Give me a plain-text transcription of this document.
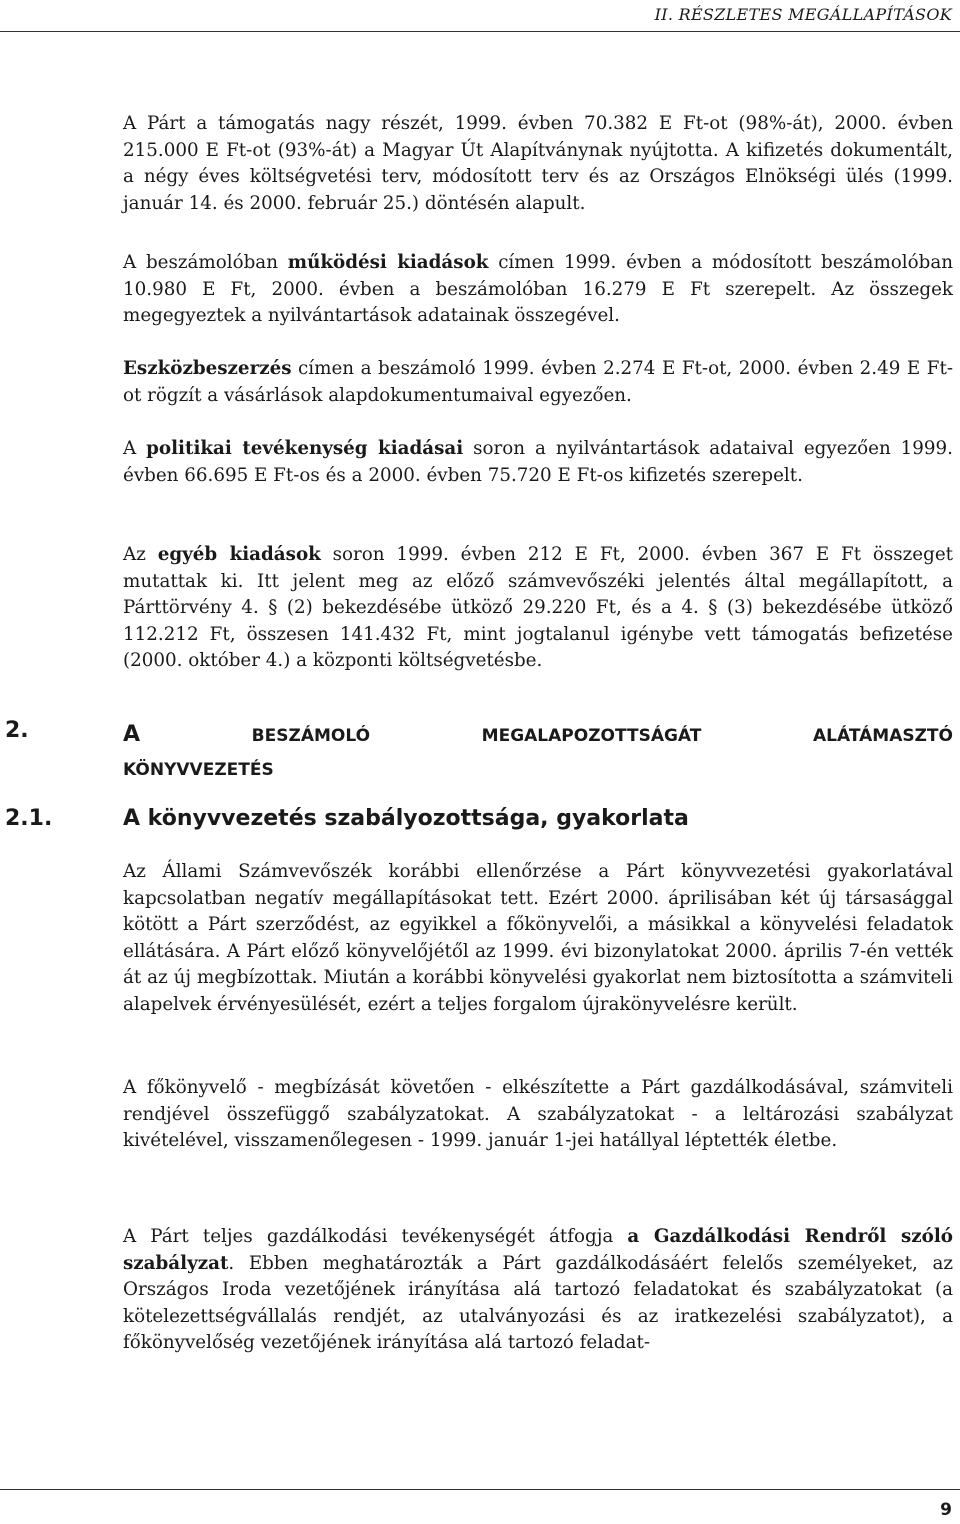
II. RÉSZLETES MEGÁLLAPÍTÁSOK

A Párt a támogatás nagy részét, 1999. évben 70.382 E Ft-ot (98%-át), 2000. évben 215.000 E Ft-ot (93%-át) a Magyar Út Alapítványnak nyújtotta. A kifizetés dokumentált, a négy éves költségvetési terv, módosított terv és az Országos Elnökségi ülés (1999. január 14. és 2000. február 25.) döntésén alapult.

A beszámolóban működési kiadások címen 1999. évben a módosított beszámolóban 10.980 E Ft, 2000. évben a beszámolóban 16.279 E Ft szerepelt. Az összegek megegyeztek a nyilvántartások adatainak összegével.

Eszközbeszerzés címen a beszámoló 1999. évben 2.274 E Ft-ot, 2000. évben 2.49 E Ft-ot rögzít a vásárlások alapdokumentumaival egyezően.

A politikai tevékenység kiadásai soron a nyilvántartások adataival egyezően 1999. évben 66.695 E Ft-os és a 2000. évben 75.720 E Ft-os kifizetés szerepelt.

Az egyéb kiadások soron 1999. évben 212 E Ft, 2000. évben 367 E Ft összeget mutattak ki. Itt jelent meg az előző számvevőszéki jelentés által megállapított, a Párttörvény 4. § (2) bekezdésébe ütköző 29.220 Ft, és a 4. § (3) bekezdésébe ütköző 112.212 Ft, összesen 141.432 Ft, mint jogtalanul igénybe vett támogatás befizetése (2000. október 4.) a központi költségvetésbe.

2.	A	BESZÁMOLÓ	MEGALAPOZOTTSÁGÁT	ALÁTÁMASZTÓ
KÖNYVVEZETÉS
2.1.	A könyvvezetés szabályozottsága, gyakorlata

Az Állami Számvevőszék korábbi ellenőrzése a Párt könyvvezetési gyakorlatával kapcsolatban negatív megállapításokat tett. Ezért 2000. áprilisában két új társasággal kötött a Párt szerződést, az egyikkel a főkönyvelői, a másikkal a könyvelési feladatok ellátására. A Párt előző könyvelőjétől az 1999. évi bizonylatokat 2000. április 7-én vették át az új megbízottak. Miután a korábbi könyvelési gyakorlat nem biztosította a számviteli alapelvek érvényesülését, ezért a teljes forgalom újrakönyvelésre került.

A főkönyvelő - megbízását követően - elkészítette a Párt gazdálkodásával, számviteli rendjével összefüggő szabályzatokat. A szabályzatokat - a leltározási szabályzat kivételével, visszamenőlegesen - 1999. január 1-jei hatállyal léptették életbe.

A Párt teljes gazdálkodási tevékenységét átfogja a Gazdálkodási Rendről szóló szabályzat. Ebben meghatározták a Párt gazdálkodásáért felelős személyeket, az Országos Iroda vezetőjének irányítása alá tartozó feladatokat és szabályzatokat (a kötelezettségvállalás rendjét, az utalványozási és az iratkezelési szabályzatot), a főkönyvelőség vezetőjének irányítása alá tartozó feladat-

9
